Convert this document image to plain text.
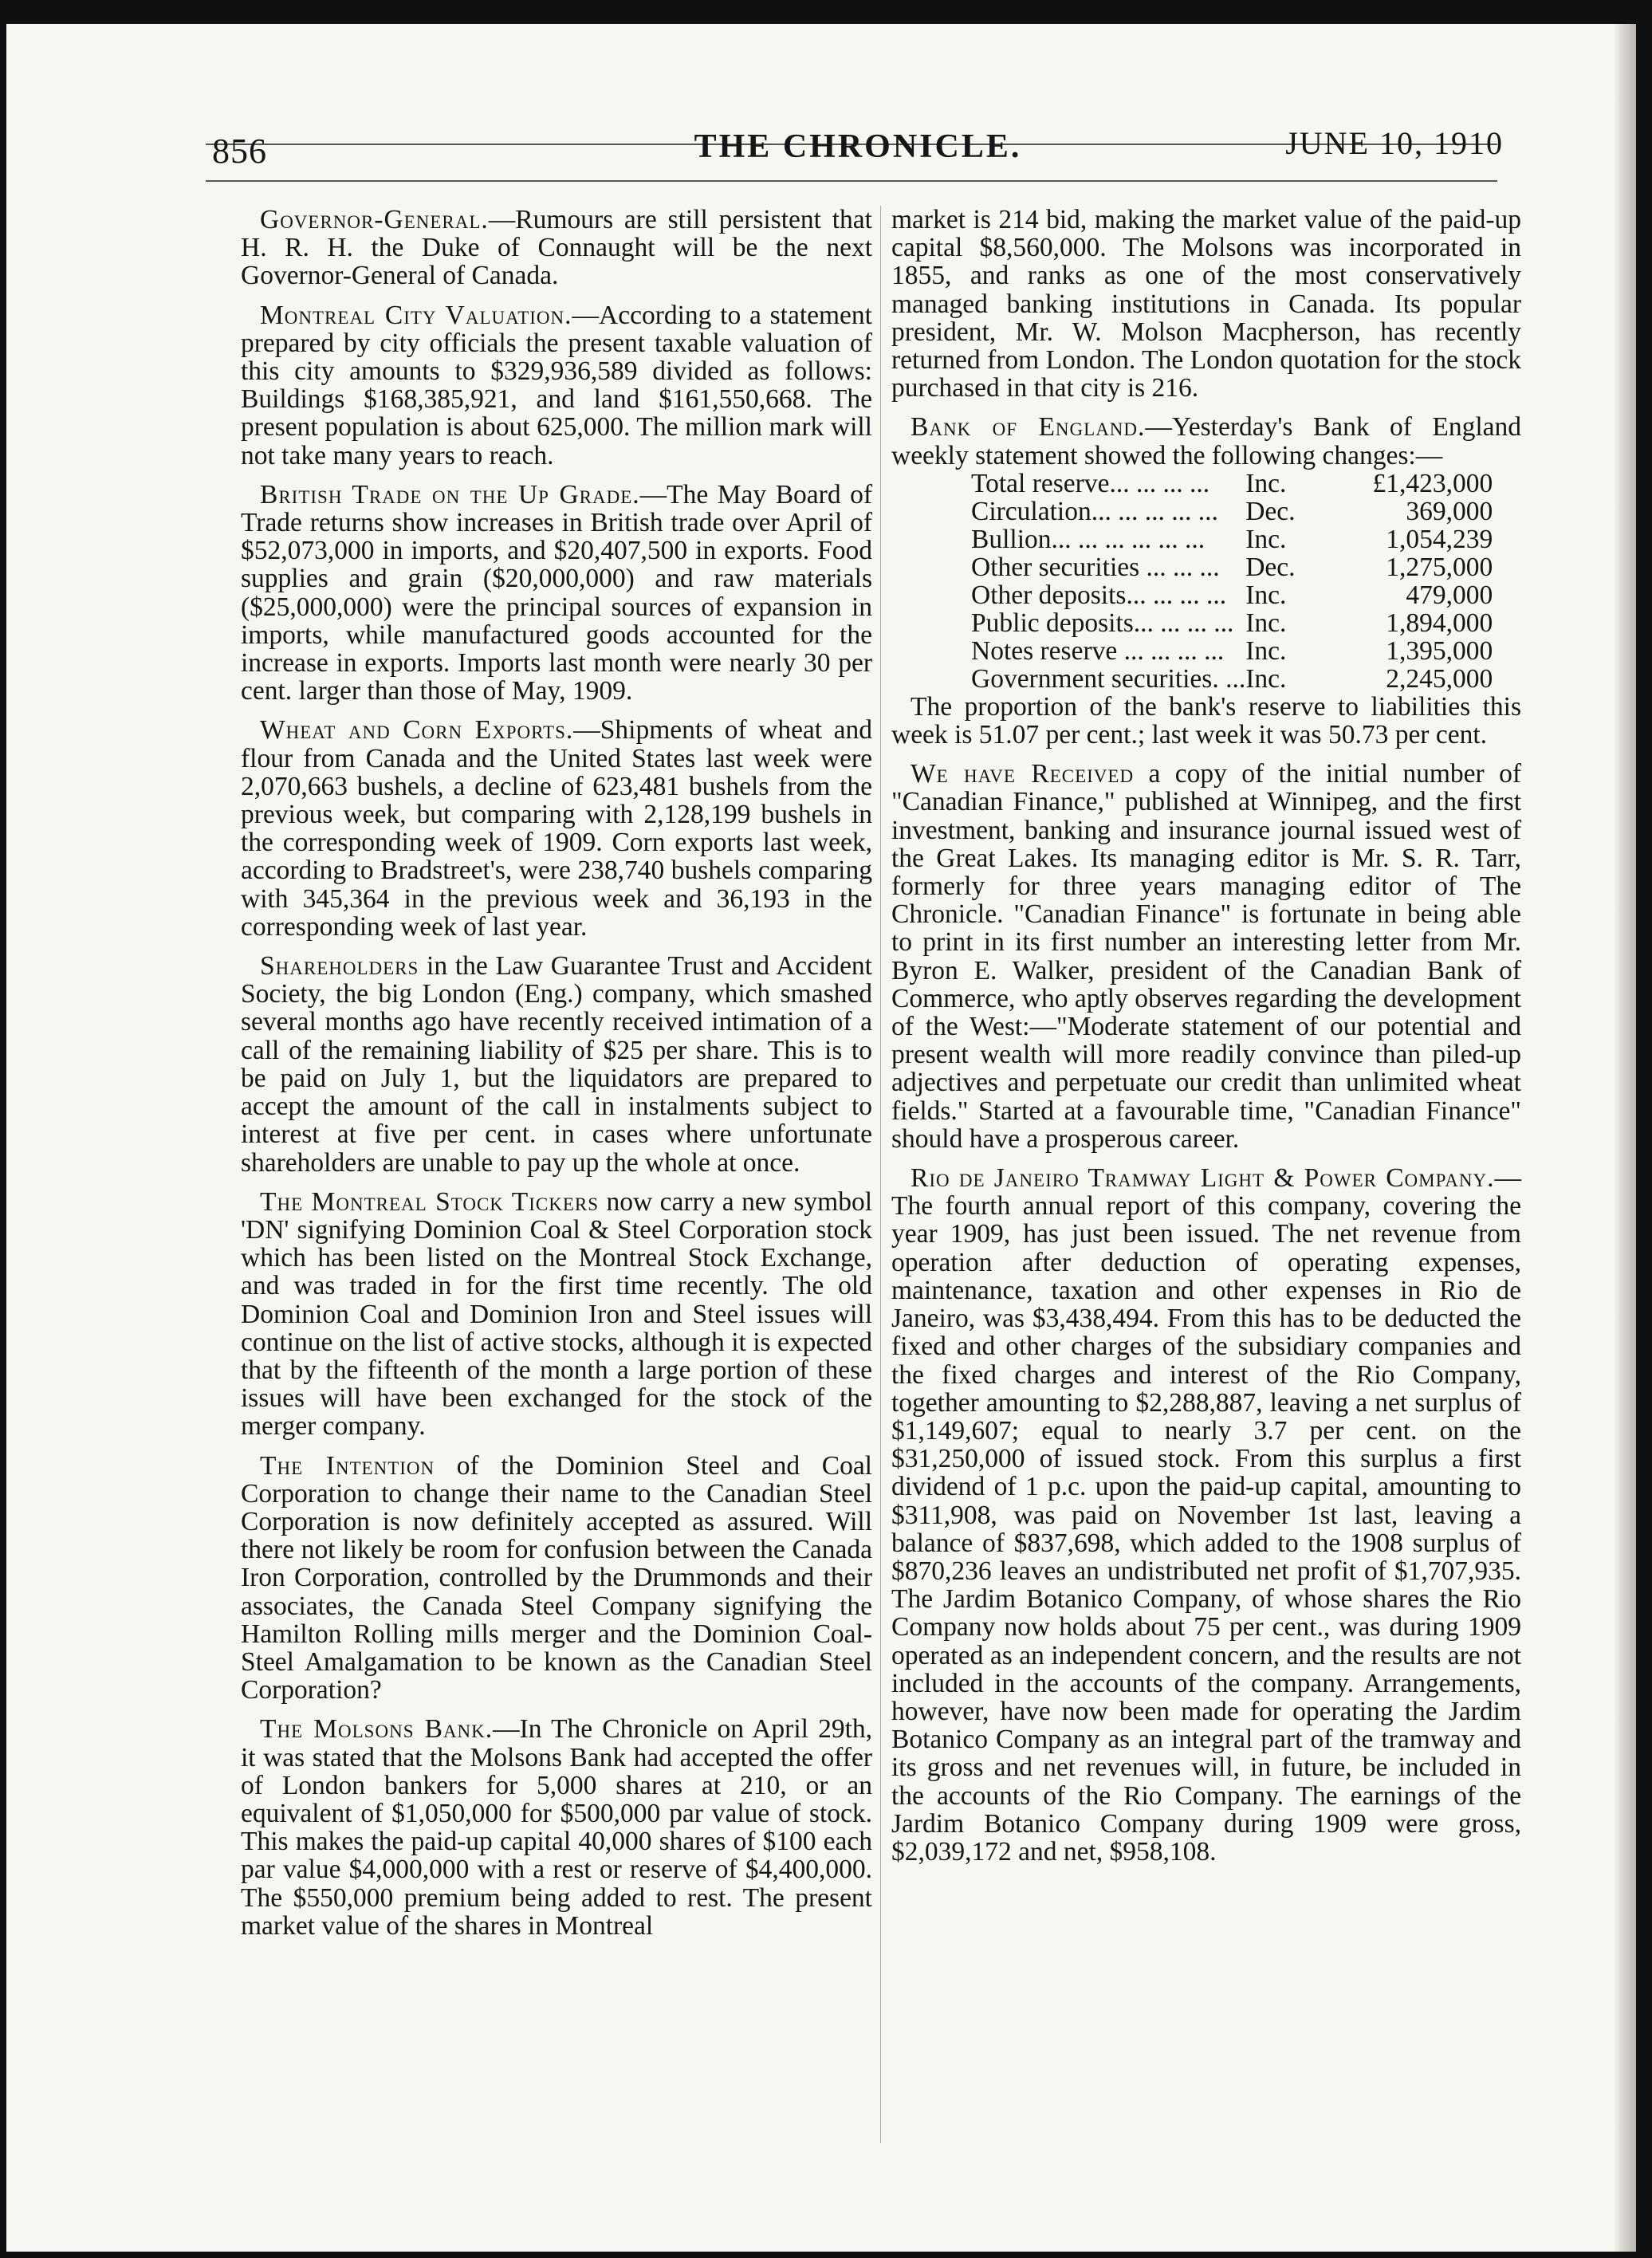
856	THE CHRONICLE.	JUNE 10, 1910

Governor-General.—Rumours are still persistent that H. R. H. the Duke of Connaught will be the next Governor-General of Canada.

Montreal City Valuation.—According to a statement prepared by city officials the present taxable valuation of this city amounts to $329,936,589 divided as follows: Buildings $168,385,921, and land $161,550,668. The present population is about 625,000. The million mark will not take many years to reach.

British Trade on the Up Grade.—The May Board of Trade returns show increases in British trade over April of $52,073,000 in imports, and $20,407,500 in exports. Food supplies and grain ($20,000,000) and raw materials ($25,000,000) were the principal sources of expansion in imports, while manufactured goods accounted for the increase in exports. Imports last month were nearly 30 per cent. larger than those of May, 1909.

Wheat and Corn Exports.—Shipments of wheat and flour from Canada and the United States last week were 2,070,663 bushels, a decline of 623,481 bushels from the previous week, but comparing with 2,128,199 bushels in the corresponding week of 1909. Corn exports last week, according to Bradstreet's, were 238,740 bushels comparing with 345,364 in the previous week and 36,193 in the corresponding week of last year.

Shareholders in the Law Guarantee Trust and Accident Society, the big London (Eng.) company, which smashed several months ago have recently received intimation of a call of the remaining liability of $25 per share. This is to be paid on July 1, but the liquidators are prepared to accept the amount of the call in instalments subject to interest at five per cent. in cases where unfortunate shareholders are unable to pay up the whole at once.

The Montreal Stock Tickers now carry a new symbol 'DN' signifying Dominion Coal & Steel Corporation stock which has been listed on the Montreal Stock Exchange, and was traded in for the first time recently. The old Dominion Coal and Dominion Iron and Steel issues will continue on the list of active stocks, although it is expected that by the fifteenth of the month a large portion of these issues will have been exchanged for the stock of the merger company.

The Intention of the Dominion Steel and Coal Corporation to change their name to the Canadian Steel Corporation is now definitely accepted as assured. Will there not likely be room for confusion between the Canada Iron Corporation, controlled by the Drummonds and their associates, the Canada Steel Company signifying the Hamilton Rolling mills merger and the Dominion Coal-Steel Amalgamation to be known as the Canadian Steel Corporation?

The Molsons Bank.—In The Chronicle on April 29th, it was stated that the Molsons Bank had accepted the offer of London bankers for 5,000 shares at 210, or an equivalent of $1,050,000 for $500,000 par value of stock. This makes the paid-up capital 40,000 shares of $100 each par value $4,000,000 with a rest or reserve of $4,400,000. The $550,000 premium being added to rest. The present market value of the shares in Montreal

market is 214 bid, making the market value of the paid-up capital $8,560,000. The Molsons was incorporated in 1855, and ranks as one of the most conservatively managed banking institutions in Canada. Its popular president, Mr. W. Molson Macpherson, has recently returned from London. The London quotation for the stock purchased in that city is 216.

Bank of England.—Yesterday's Bank of England weekly statement showed the following changes:—

Total reserve... ... ... ...	Inc.	£1,423,000
Circulation... ... ... ... ...	Dec.	369,000
Bullion... ... ... ... ... ...	Inc.	1,054,239
Other securities ... ... ...	Dec.	1,275,000
Other deposits... ... ... ...	Inc.	479,000
Public deposits... ... ... ...	Inc.	1,894,000
Notes reserve ... ... ... ...	Inc.	1,395,000
Government securities. ...	Inc.	2,245,000

The proportion of the bank's reserve to liabilities this week is 51.07 per cent.; last week it was 50.73 per cent.

We have Received a copy of the initial number of "Canadian Finance," published at Winnipeg, and the first investment, banking and insurance journal issued west of the Great Lakes. Its managing editor is Mr. S. R. Tarr, formerly for three years managing editor of The Chronicle. "Canadian Finance" is fortunate in being able to print in its first number an interesting letter from Mr. Byron E. Walker, president of the Canadian Bank of Commerce, who aptly observes regarding the development of the West:—"Moderate statement of our potential and present wealth will more readily convince than piled-up adjectives and perpetuate our credit than unlimited wheat fields." Started at a favourable time, "Canadian Finance" should have a prosperous career.

Rio de Janeiro Tramway Light & Power Company.—The fourth annual report of this company, covering the year 1909, has just been issued. The net revenue from operation after deduction of operating expenses, maintenance, taxation and other expenses in Rio de Janeiro, was $3,438,494. From this has to be deducted the fixed and other charges of the subsidiary companies and the fixed charges and interest of the Rio Company, together amounting to $2,288,887, leaving a net surplus of $1,149,607; equal to nearly 3.7 per cent. on the $31,250,000 of issued stock. From this surplus a first dividend of 1 p.c. upon the paid-up capital, amounting to $311,908, was paid on November 1st last, leaving a balance of $837,698, which added to the 1908 surplus of $870,236 leaves an undistributed net profit of $1,707,935. The Jardim Botanico Company, of whose shares the Rio Company now holds about 75 per cent., was during 1909 operated as an independent concern, and the results are not included in the accounts of the company. Arrangements, however, have now been made for operating the Jardim Botanico Company as an integral part of the tramway and its gross and net revenues will, in future, be included in the accounts of the Rio Company. The earnings of the Jardim Botanico Company during 1909 were gross, $2,039,172 and net, $958,108.
